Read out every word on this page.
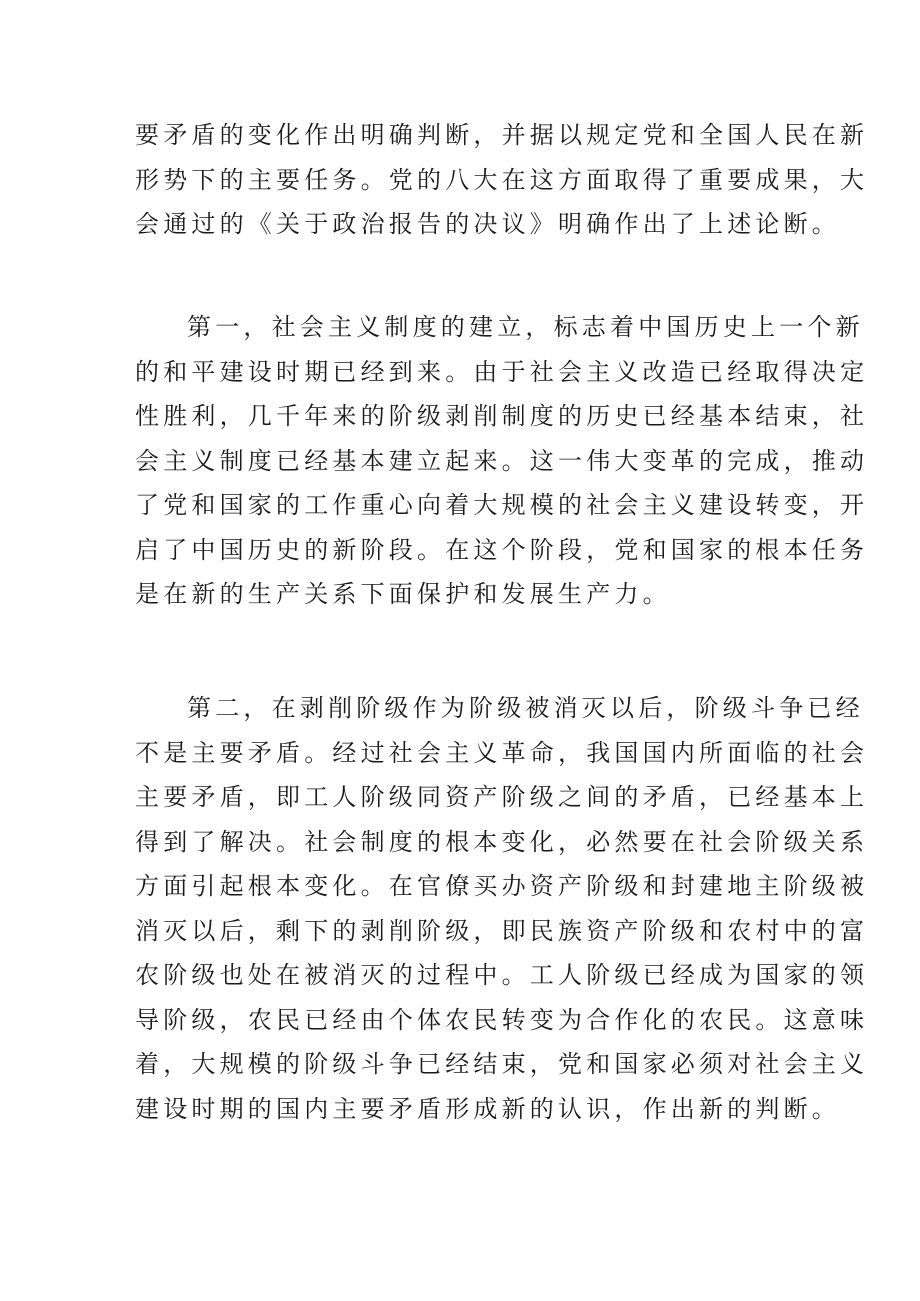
要矛盾的变化作出明确判断，并据以规定党和全国人民在新
形势下的主要任务。党的八大在这方面取得了重要成果，大
会通过的《关于政治报告的决议》明确作出了上述论断。
第一，社会主义制度的建立，标志着中国历史上一个新
的和平建设时期已经到来。由于社会主义改造已经取得决定
性胜利，几千年来的阶级剥削制度的历史已经基本结束，社
会主义制度已经基本建立起来。这一伟大变革的完成，推动
了党和国家的工作重心向着大规模的社会主义建设转变，开
启了中国历史的新阶段。在这个阶段，党和国家的根本任务
是在新的生产关系下面保护和发展生产力。
第二，在剥削阶级作为阶级被消灭以后，阶级斗争已经
不是主要矛盾。经过社会主义革命，我国国内所面临的社会
主要矛盾，即工人阶级同资产阶级之间的矛盾，已经基本上
得到了解决。社会制度的根本变化，必然要在社会阶级关系
方面引起根本变化。在官僚买办资产阶级和封建地主阶级被
消灭以后，剩下的剥削阶级，即民族资产阶级和农村中的富
农阶级也处在被消灭的过程中。工人阶级已经成为国家的领
导阶级，农民已经由个体农民转变为合作化的农民。这意味
着，大规模的阶级斗争已经结束，党和国家必须对社会主义
建设时期的国内主要矛盾形成新的认识，作出新的判断。
